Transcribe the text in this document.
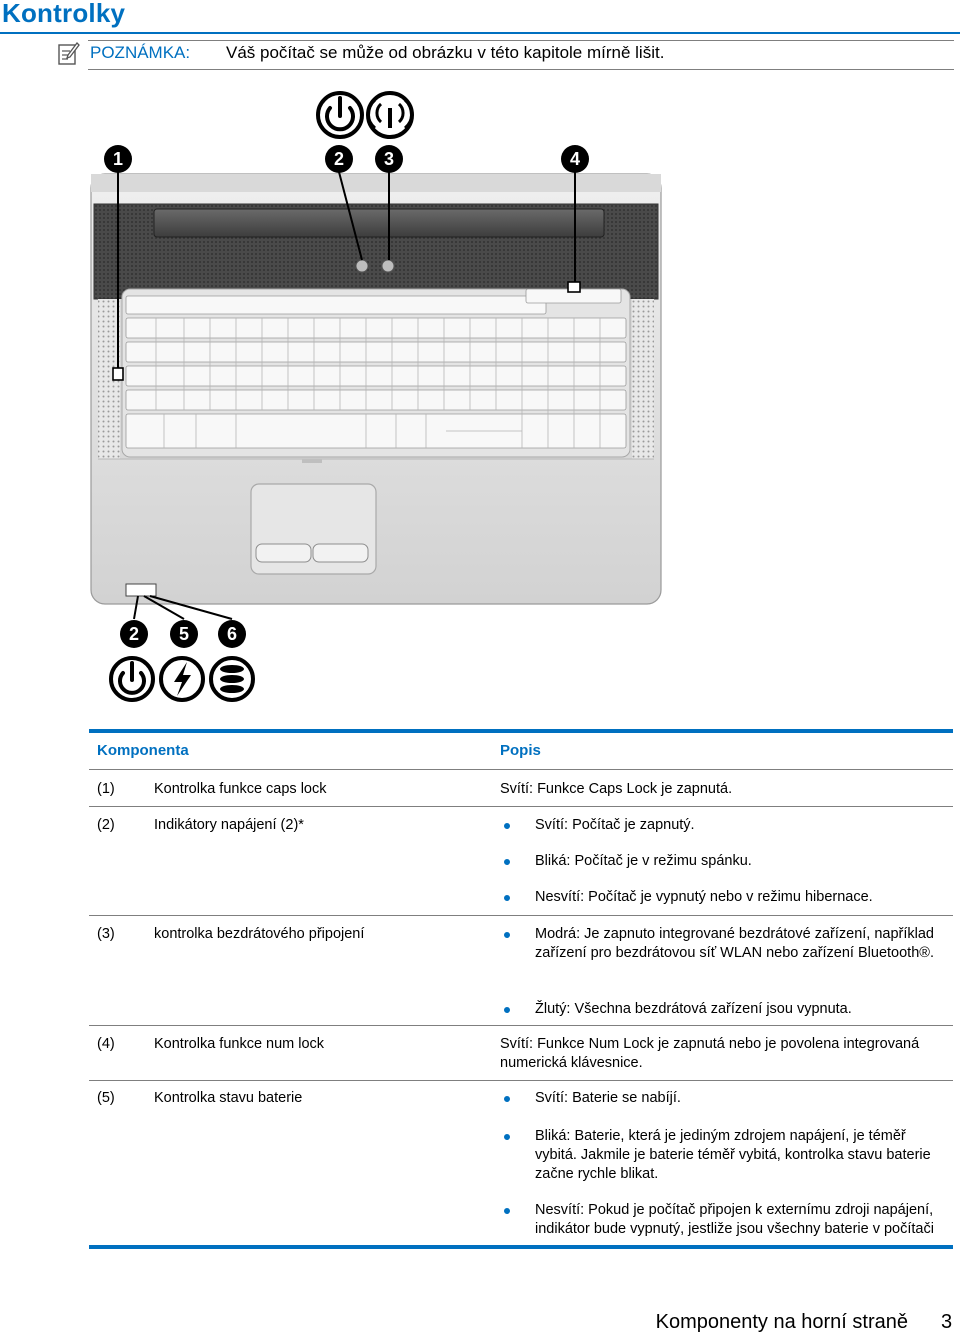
Kontrolky
POZNÁMKA: Váš počítač se může od obrázku v této kapitole mírně lišit.
1	2 3	4
2 5 6
Komponenta	Popis
(1)	Kontrolka funkce caps lock	Svítí: Funkce Caps Lock je zapnutá.
(2)	Indikátory napájení (2)*	Svítí: Počítač je zapnutý.
Bliká: Počítač je v režimu spánku.
Nesvítí: Počítač je vypnutý nebo v režimu hibernace.
(3)	kontrolka bezdrátového připojení	Modrá: Je zapnuto integrované bezdrátové zařízení, například zařízení pro bezdrátovou síť WLAN nebo zařízení Bluetooth®.
Žlutý: Všechna bezdrátová zařízení jsou vypnuta.
(4)	Kontrolka funkce num lock	Svítí: Funkce Num Lock je zapnutá nebo je povolena integrovaná numerická klávesnice.
(5)	Kontrolka stavu baterie	Svítí: Baterie se nabíjí.
Bliká: Baterie, která je jediným zdrojem napájení, je téměř vybitá. Jakmile je baterie téměř vybitá, kontrolka stavu baterie začne rychle blikat.
Nesvítí: Pokud je počítač připojen k externímu zdroji napájení, indikátor bude vypnutý, jestliže jsou všechny baterie v počítači
Komponenty na horní straně 3
